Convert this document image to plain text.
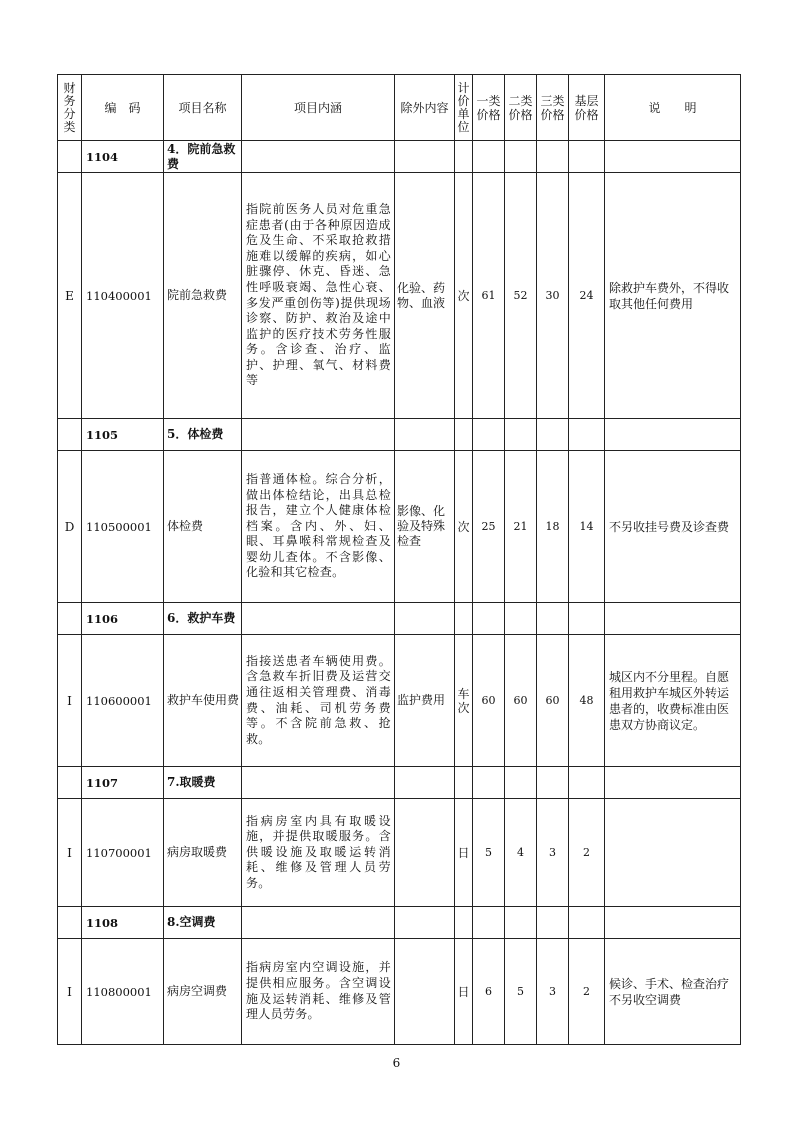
财务分类	编　码	项目名称	项目内涵	除外内容	计价单位	一类价格	二类价格	三类价格	基层价格	说　　明
	1104	4．院前急救费								
E	110400001	院前急救费	指院前医务人员对危重急症患者(由于各种原因造成危及生命、不采取抢救措施难以缓解的疾病，如心脏骤停、休克、昏迷、急性呼吸衰竭、急性心衰、多发严重创伤等)提供现场诊察、防护、救治及途中监护的医疗技术劳务性服务。含诊查、治疗、监护、护理、氧气、材料费等	化验、药物、血液	次	61	52	30	24	除救护车费外，不得收取其他任何费用
	1105	5．体检费								
D	110500001	体检费	指普通体检。综合分析，做出体检结论，出具总检报告，建立个人健康体检档案。含内、外、妇、眼、耳鼻喉科常规检查及婴幼儿查体。不含影像、化验和其它检查。	影像、化验及特殊检查	次	25	21	18	14	不另收挂号费及诊查费
	1106	6．救护车费								
I	110600001	救护车使用费	指接送患者车辆使用费。含急救车折旧费及运营交通往返相关管理费、消毒费、油耗、司机劳务费等。不含院前急救、抢救。	监护费用	车次	60	60	60	48	城区内不分里程。自愿租用救护车城区外转运患者的，收费标准由医患双方协商议定。
	1107	7.取暖费								
I	110700001	病房取暖费	指病房室内具有取暖设施，并提供取暖服务。含供暖设施及取暖运转消耗、维修及管理人员劳务。		日	5	4	3	2	
	1108	8.空调费								
I	110800001	病房空调费	指病房室内空调设施，并提供相应服务。含空调设施及运转消耗、维修及管理人员劳务。		日	6	5	3	2	候诊、手术、检查治疗不另收空调费
6
